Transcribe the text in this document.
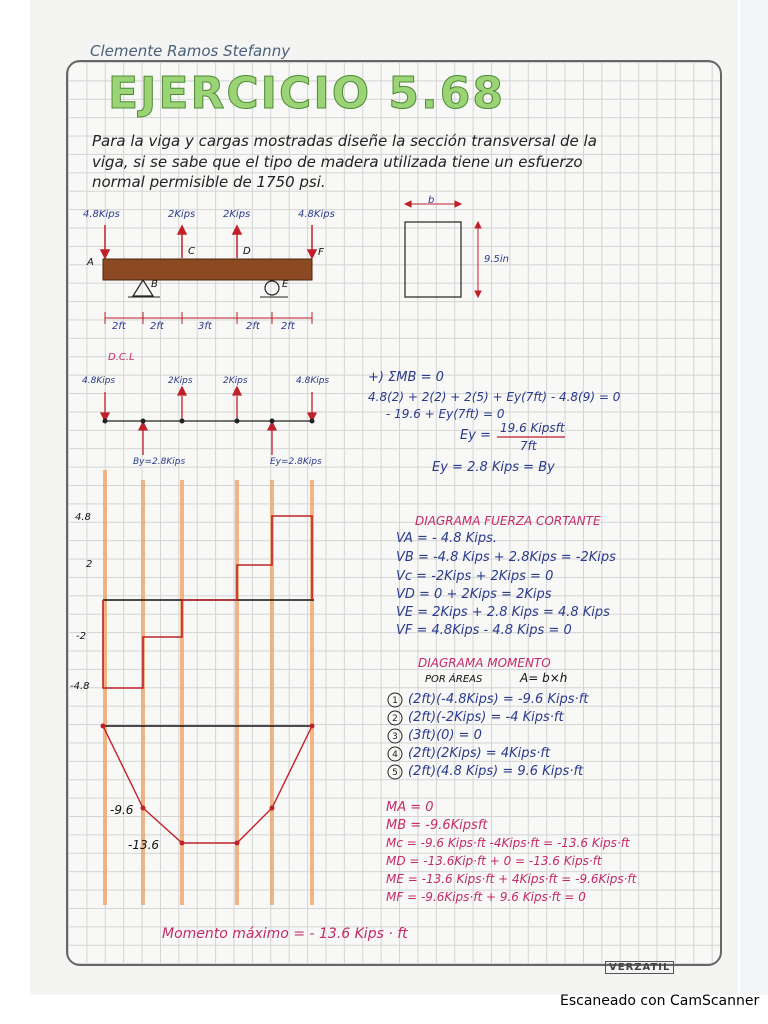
Clemente Ramos Stefanny
EJERCICIO 5.68
Para la viga y cargas mostradas diseñe la sección transversal de la
viga, si se sabe que el tipo de madera utilizada tiene un esfuerzo
normal permisible de 1750 psi.
1
2
3
4
5
4.8Kips	2Kips	2Kips	4.8Kips
A
B
C	D
E
F
2ft 2ft	3ft	2ft 2ft
b
9.5in
D.C.L
4.8Kips	2Kips	2Kips	4.8Kips
By=2.8Kips	Ey=2.8Kips
+) ΣMB = 0
4.8(2) + 2(2) + 2(5) + Ey(7ft) - 4.8(9) = 0
- 19.6 + Ey(7ft) = 0
Ey = 19.6 Kipsft
7ft
Ey = 2.8 Kips = By
4.8
2
-2
-4.8
-9.6
-13.6
DIAGRAMA FUERZA CORTANTE
VA = - 4.8 Kips.
VB = -4.8 Kips + 2.8Kips = -2Kips
Vc = -2Kips + 2Kips = 0
VD = 0 + 2Kips = 2Kips
VE = 2Kips + 2.8 Kips = 4.8 Kips
VF = 4.8Kips - 4.8 Kips = 0
DIAGRAMA MOMENTO
POR ÁREAS	A= b×h
(2ft)(-4.8Kips) = -9.6 Kips·ft
(2ft)(-2Kips) = -4 Kips·ft
(3ft)(0) = 0
(2ft)(2Kips) = 4Kips·ft
(2ft)(4.8 Kips) = 9.6 Kips·ft
MA = 0
MB = -9.6Kipsft
Mc = -9.6 Kips·ft -4Kips·ft = -13.6 Kips·ft
MD = -13.6Kip·ft + 0 = -13.6 Kips·ft
ME = -13.6 Kips·ft + 4Kips·ft = -9.6Kips·ft
MF = -9.6Kips·ft + 9.6 Kips·ft = 0
Momento máximo = - 13.6 Kips · ft
VERZATIL
Escaneado con CamScanner
